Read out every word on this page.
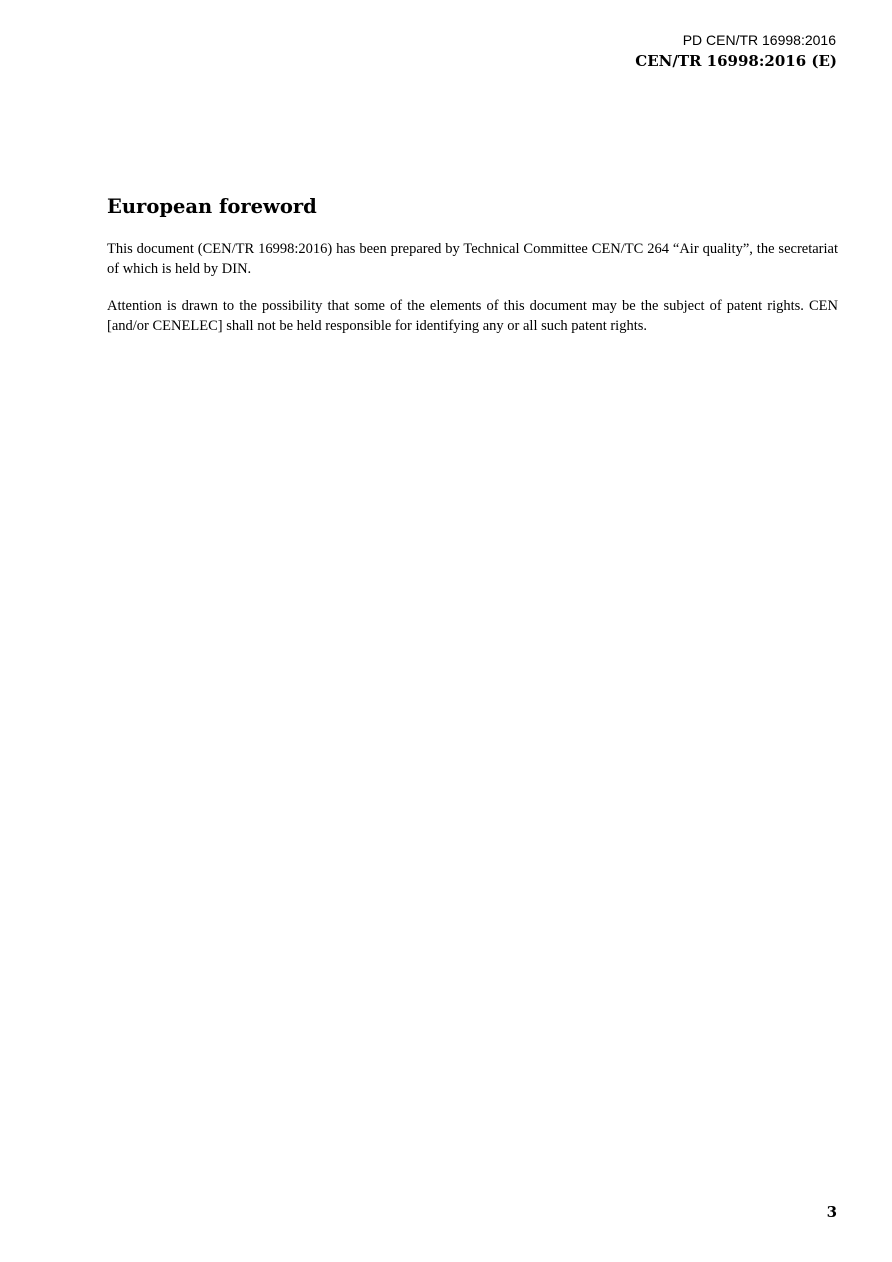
PD CEN/TR 16998:2016
CEN/TR 16998:2016 (E)
European foreword

This document (CEN/TR 16998:2016) has been prepared by Technical Committee CEN/TC 264 “Air quality”, the secretariat of which is held by DIN.

Attention is drawn to the possibility that some of the elements of this document may be the subject of patent rights. CEN [and/or CENELEC] shall not be held responsible for identifying any or all such patent rights.

3
